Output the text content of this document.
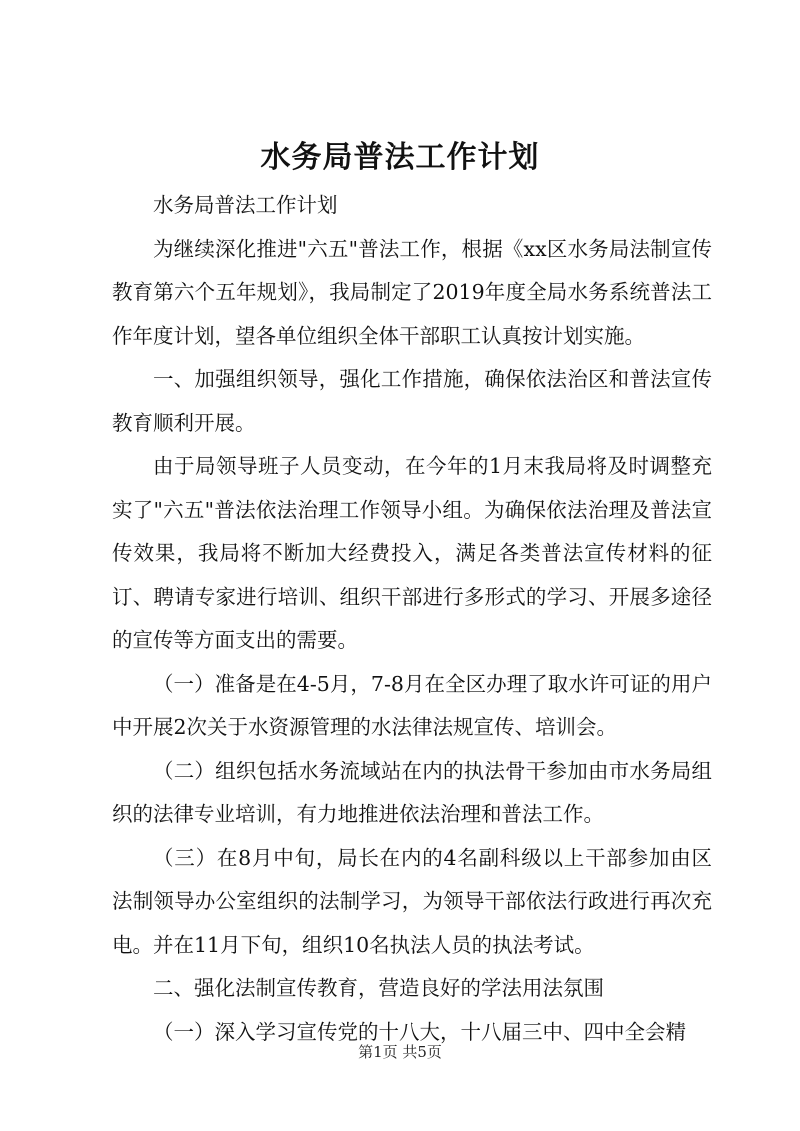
水务局普法工作计划

水务局普法工作计划

为继续深化推进"六五"普法工作，根据《xx区水务局法制宣传教育第六个五年规划》，我局制定了2019年度全局水务系统普法工作年度计划，望各单位组织全体干部职工认真按计划实施。

一、加强组织领导，强化工作措施，确保依法治区和普法宣传教育顺利开展。

由于局领导班子人员变动，在今年的1月末我局将及时调整充实了"六五"普法依法治理工作领导小组。为确保依法治理及普法宣传效果，我局将不断加大经费投入，满足各类普法宣传材料的征订、聘请专家进行培训、组织干部进行多形式的学习、开展多途径的宣传等方面支出的需要。

（一）准备是在4-5月，7-8月在全区办理了取水许可证的用户中开展2次关于水资源管理的水法律法规宣传、培训会。

（二）组织包括水务流域站在内的执法骨干参加由市水务局组织的法律专业培训，有力地推进依法治理和普法工作。

（三）在8月中旬，局长在内的4名副科级以上干部参加由区法制领导办公室组织的法制学习，为领导干部依法行政进行再次充电。并在11月下旬，组织10名执法人员的执法考试。

二、强化法制宣传教育，营造良好的学法用法氛围

（一）深入学习宣传党的十八大，十八届三中、四中全会精

第1页 共5页
